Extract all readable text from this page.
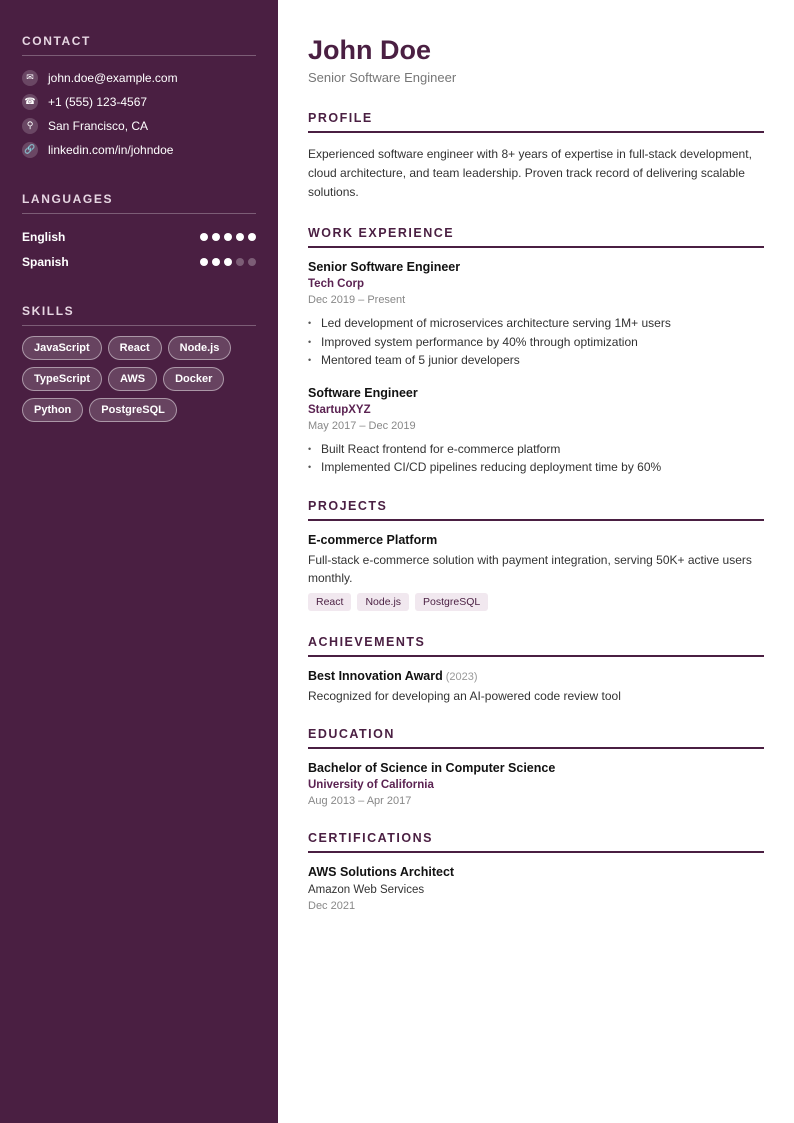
CONTACT
✉	john.doe@example.com
☎ +1 (555) 123-4567
⚲	San Francisco, CA
🔗 linkedin.com/in/johndoe
LANGUAGES
English
Spanish
SKILLS
JavaScript	React	Node.js
TypeScript	AWS	Docker
Python	PostgreSQL
John Doe
Senior Software Engineer
PROFILE

Experienced software engineer with 8+ years of expertise in full-stack development, cloud architecture, and team leadership. Proven track record of delivering scalable solutions.

WORK EXPERIENCE
Senior Software Engineer
Tech Corp
Dec 2019 – Present
• Led development of microservices architecture serving 1M+ users
• Improved system performance by 40% through optimization
• Mentored team of 5 junior developers
Software Engineer
StartupXYZ
May 2017 – Dec 2019
• Built React frontend for e-commerce platform
• Implemented CI/CD pipelines reducing deployment time by 60%
PROJECTS
E-commerce Platform
Full-stack e-commerce solution with payment integration, serving 50K+ active users monthly.
React	Node.js	PostgreSQL
ACHIEVEMENTS
Best Innovation Award (2023)
Recognized for developing an AI-powered code review tool
EDUCATION
Bachelor of Science in Computer Science
University of California
Aug 2013 – Apr 2017
CERTIFICATIONS
AWS Solutions Architect
Amazon Web Services
Dec 2021
